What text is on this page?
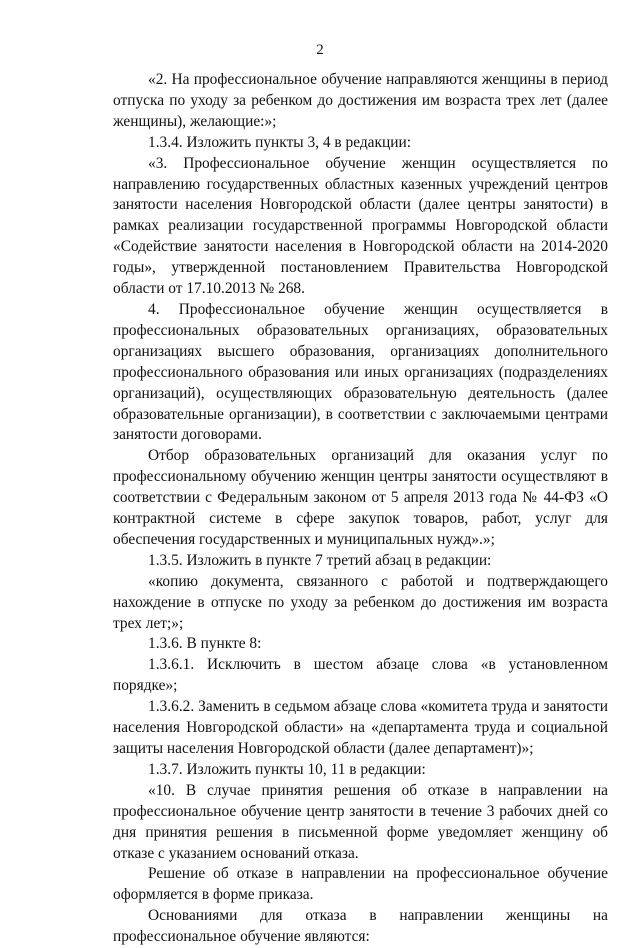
2

«2. На профессиональное обучение направляются женщины в период отпуска по уходу за ребенком до достижения им возраста трех лет (далее женщины), желающие:»;

1.3.4. Изложить пункты 3, 4 в редакции:

«3. Профессиональное обучение женщин осуществляется по направлению государственных областных казенных учреждений центров занятости населения Новгородской области (далее центры занятости) в рамках реализации государственной программы Новгородской области «Содействие занятости населения в Новгородской области на 2014-2020 годы», утвержденной постановлением Правительства Новгородской области от 17.10.2013 № 268.

4. Профессиональное обучение женщин осуществляется в профессиональных образовательных организациях, образовательных организациях высшего образования, организациях дополнительного профессионального образования или иных организациях (подразделениях организаций), осуществляющих образовательную деятельность (далее образовательные организации), в соответствии с заключаемыми центрами занятости договорами.

Отбор образовательных организаций для оказания услуг по профессиональному обучению женщин центры занятости осуществляют в соответствии с Федеральным законом от 5 апреля 2013 года № 44-ФЗ «О контрактной системе в сфере закупок товаров, работ, услуг для обеспечения государственных и муниципальных нужд».»;

1.3.5. Изложить в пункте 7 третий абзац в редакции:

«копию документа, связанного с работой и подтверждающего нахождение в отпуске по уходу за ребенком до достижения им возраста трех лет;»;

1.3.6. В пункте 8:

1.3.6.1. Исключить в шестом абзаце слова «в установленном порядке»;

1.3.6.2. Заменить в седьмом абзаце слова «комитета труда и занятости населения Новгородской области» на «департамента труда и социальной защиты населения Новгородской области (далее департамент)»;

1.3.7. Изложить пункты 10, 11 в редакции:

«10. В случае принятия решения об отказе в направлении на профессиональное обучение центр занятости в течение 3 рабочих дней со дня принятия решения в письменной форме уведомляет женщину об отказе с указанием оснований отказа.

Решение об отказе в направлении на профессиональное обучение оформляется в форме приказа.

Основаниями для отказа в направлении женщины на профессиональное обучение являются:
